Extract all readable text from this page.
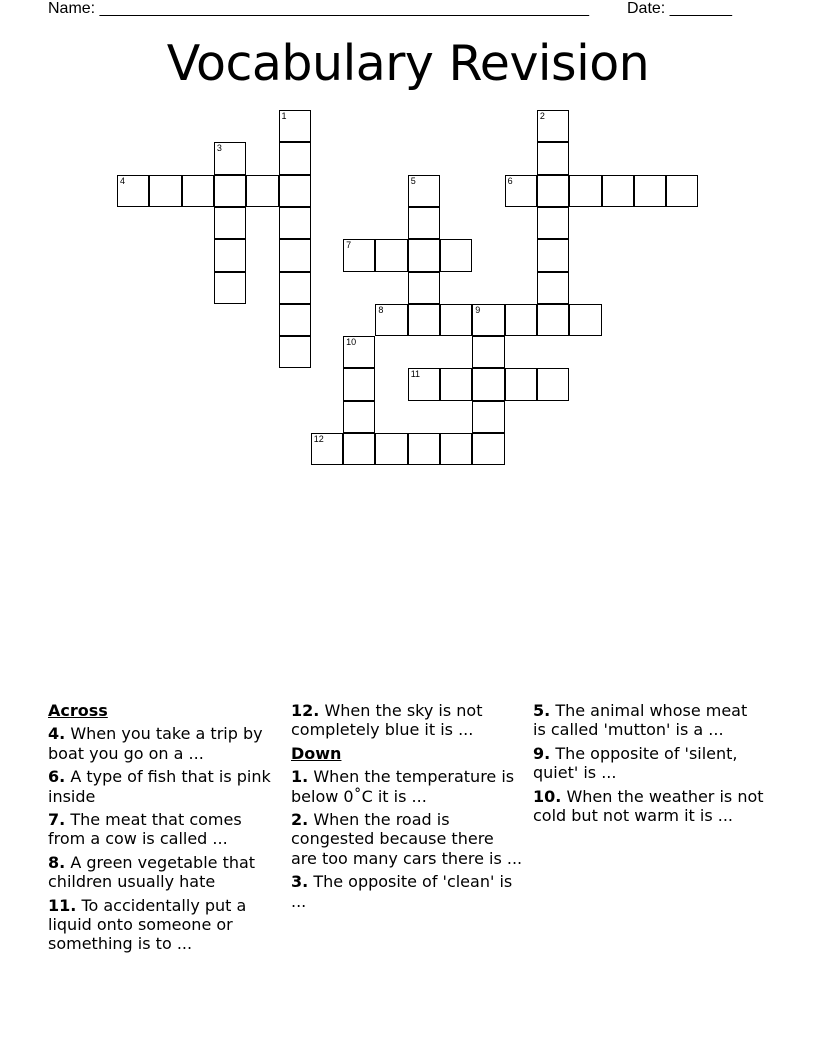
Name: _______________________________________________________ Date: _______
Vocabulary Revision
1	2
3
4	5	6
7
8	9
10
11
12
Across
4. When you take a trip by boat you go on a ...
6. A type of fish that is pink inside
7. The meat that comes from a cow is called ...
8. A green vegetable that children usually hate
11. To accidentally put a liquid onto someone or something is to ...
12. When the sky is not completely blue it is ...
Down
1. When the temperature is below 0˚C it is ...
2. When the road is congested because there are too many cars there is ...
3. The opposite of 'clean' is ...
5. The animal whose meat is called 'mutton' is a ...
9. The opposite of 'silent, quiet' is ...
10. When the weather is not cold but not warm it is ...
